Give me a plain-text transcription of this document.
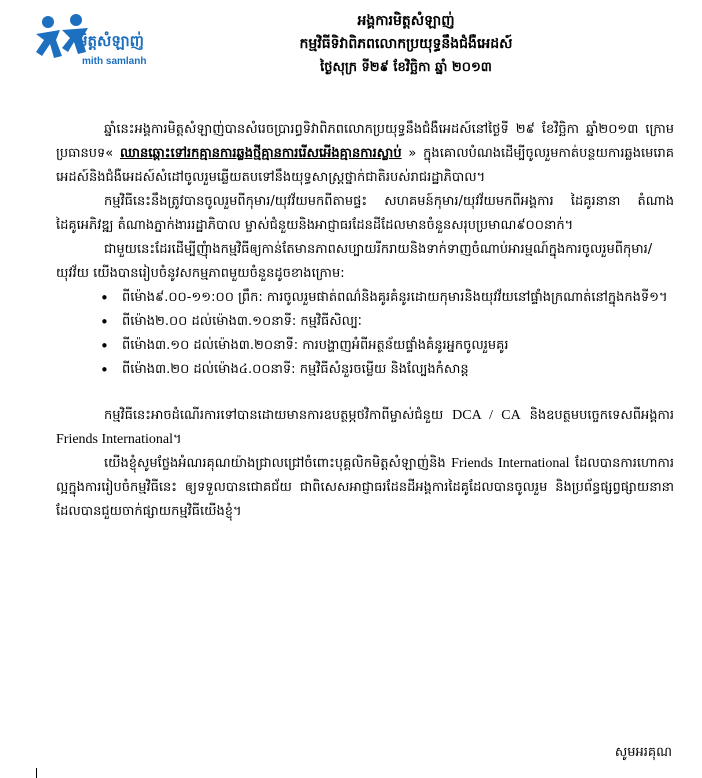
មិត្តសំឡាញ់
mith samlanh
អង្គការមិត្តសំឡាញ់
កម្មវិធីទិវាពិភពលោកប្រយុទ្ធនឹងជំងឺអេដស៍
ថ្ងៃសុក្រ ទី២៩ ខែវិច្ឆិកា ឆ្នាំ ២០១៣

ឆ្នាំនេះអង្គការមិត្តសំឡាញ់បានសំរេចប្រារព្ធទិវាពិភពលោកប្រយុទ្ធនឹងជំងឺអេដស៍នៅថ្ងៃទី ២៩ ខែវិច្ឆិកា ឆ្នាំ២០១៣ ក្រោមប្រធានបទ« ឈានឆ្ពោះទៅរកគ្មានការឆ្លងថ្មីគ្មានការរើសអើងគ្មានការស្លាប់ » ក្នុងគោលបំណងដើម្បីចូលរួមកាត់បន្ថយការឆ្លងមេរោគអេដស៍និងជំងឺអេដស៍សំដៅចូលរួមឆ្លើយតបទៅនឹងយុទ្ធសាស្ត្រថ្នាក់ជាតិរបស់រាជរដ្ឋាភិបាល។

កម្មវិធីនេះនឹងត្រូវបានចូលរួមពីកុមារ/យុវវ័យមកពីតាមផ្ទះ សហគមន៍កុមារ/យុវវ័យមកពីអង្គការ ដៃគូរនានា តំណាងដៃគូអេភិវឌ្ឍ តំណាងភ្នាក់ងាររដ្ឋាភិបាល ម្ចាស់ជំនួយនិងអាជ្ញាធរដែនដីដែលមានចំនួនសរុបប្រមាណ៩០០នាក់។

ជាមួយនេះដែរដើម្បីញុំាងកម្មវិធីឲ្យកាន់តែមានភាពសប្បាយរីករាយនិងទាក់ទាញចំណាប់អារម្មណ៍ក្នុងការចូលរួមពីកុមារ/យុវវ័យ យើងបានរៀបចំនូវសកម្មភាពមួយចំនួនដូចខាងក្រោម:

• ពីម៉ោង៩.០០-១១:០០ ព្រឹក: ការចូលរួមផាត់ពណ៌និងគូរគំនូរដោយកុមារនិងយុវវ័យនៅផ្ទាំងក្រណាត់នៅក្នុងកងទី១។
• ពីម៉ោង២.០០ ដល់ម៉ោង៣.១០នាទី: កម្មវិធីសិល្បៈ
• ពីម៉ោង៣.១០ ដល់ម៉ោង៣.២០នាទី: ការបង្ហាញអំពីអត្ថន័យផ្ទាំងគំនូរអ្នកចូលរួមគូរ
• ពីម៉ោង៣.២០ ដល់ម៉ោង៤.០០នាទី: កម្មវិធីសំនួរចម្លើយ និងល្បែងកំសាន្ត

កម្មវិធីនេះអាចដំណើរការទៅបានដោយមានការឧបត្ថម្ភថវិកាពីម្ចាស់ជំនួយ DCA / CA និងឧបត្ថមបច្ចេកទេសពីអង្គការ Friends International។

យើងខ្ញុំសូមថ្លែងអំណរគុណយ៉ាងជ្រាលជ្រៅចំពោះបុគ្គលិកមិត្តសំឡាញ់និង Friends International ដែលបានការហោការល្អក្នុងការរៀបចំកម្មវិធីនេះ ឲ្យទទួលបានជោគជ័យ ជាពិសេសអាជ្ញាធរដែនដីអង្គការដៃគូដែលបានចូលរួម និងប្រព័ន្ធផ្សព្វផ្សាយនានាដែលបានជួយចាក់ផ្សាយកម្មវិធីយើងខ្ញុំ។

សូមអរគុណ
